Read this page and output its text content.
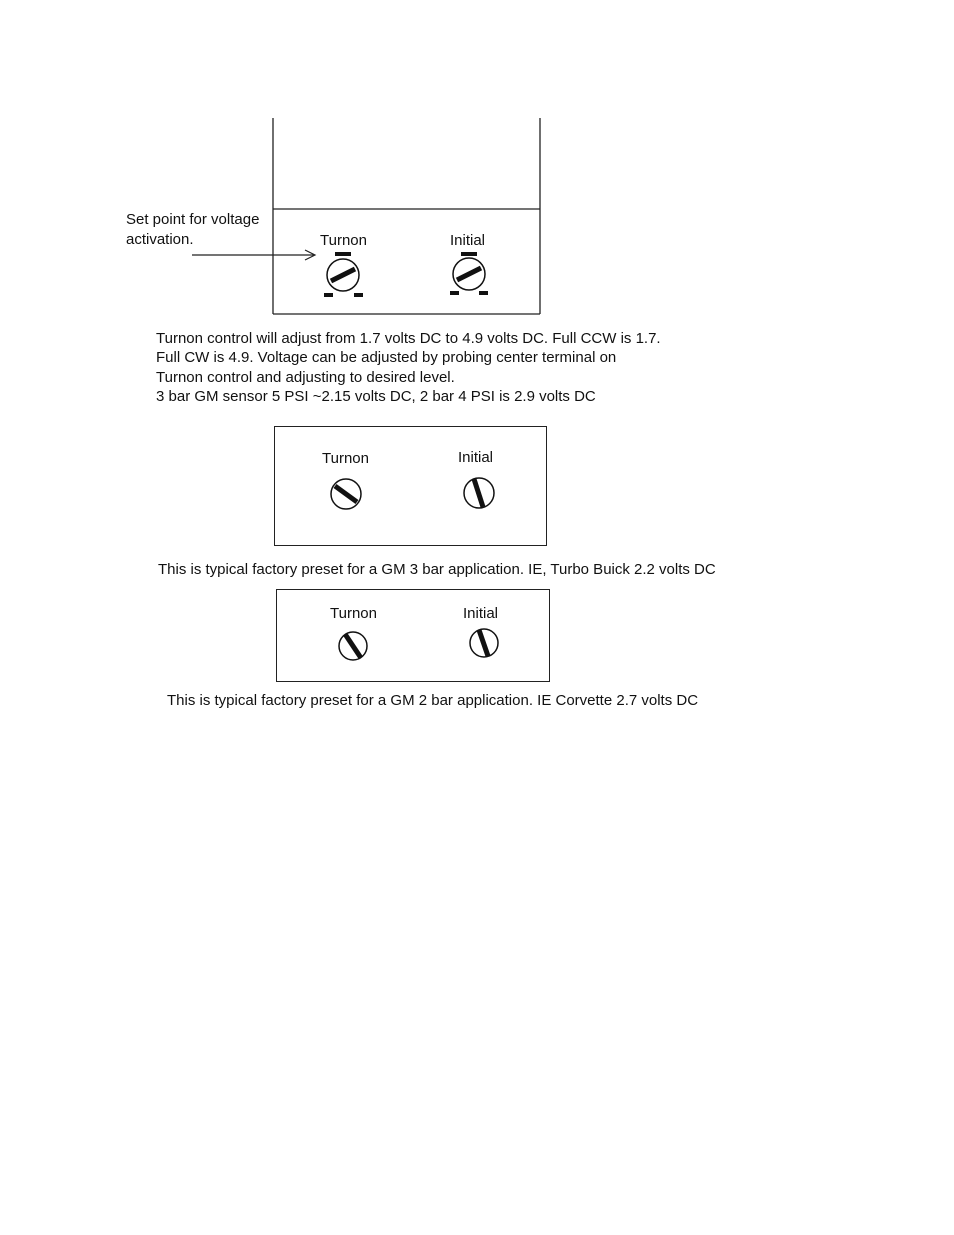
Set point for voltage
activation.	Turnon	Initial
Turnon control will adjust from 1.7 volts DC to 4.9 volts DC. Full CCW is 1.7.
Full CW is 4.9. Voltage can be adjusted by probing center terminal on
Turnon control and adjusting to desired level.
3 bar GM sensor 5 PSI ~2.15 volts DC, 2 bar 4 PSI is 2.9 volts DC
Turnon	Initial
This is typical factory preset for a GM 3 bar application. IE, Turbo Buick 2.2 volts DC
Turnon	Initial
This is typical factory preset for a GM 2 bar application. IE Corvette 2.7 volts DC
